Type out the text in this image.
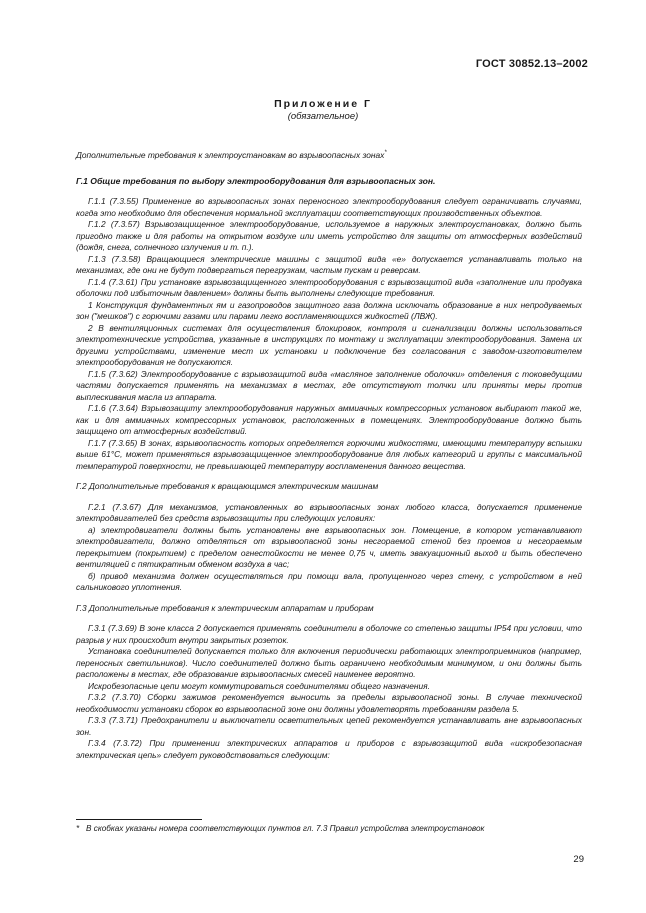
ГОСТ 30852.13–2002
Приложение Г
(обязательное)

Дополнительные требования к электроустановкам во взрывоопасных зонах*

Г.1 Общие требования по выбору электрооборудования для взрывоопасных зон.

Г.1.1 (7.3.55) Применение во взрывоопасных зонах переносного электрооборудования следует ограничивать случаями, когда это необходимо для обеспечения нормальной эксплуатации соответствующих производственных объектов.

Г.1.2 (7.3.57) Взрывозащищенное электрооборудование, используемое в наружных электроустановках, должно быть пригодно также и для работы на открытом воздухе или иметь устройство для защиты от атмосферных воздействий (дождя, снега, солнечного излучения и т. п.).

Г.1.3 (7.3.58) Вращающиеся электрические машины с защитой вида «е» допускается устанавливать только на механизмах, где они не будут подвергаться перегрузкам, частым пускам и реверсам.

Г.1.4 (7.3.61) При установке взрывозащищенного электрооборудования с взрывозащитой вида «заполнение или продувка оболочки под избыточным давлением» должны быть выполнены следующие требования.

1 Конструкция фундаментных ям и газопроводов защитного газа должна исключать образование в них непродуваемых зон ("мешков") с горючими газами или парами легко воспламеняющихся жидкостей (ЛВЖ).

2 В вентиляционных системах для осуществления блокировок, контроля и сигнализации должны использоваться электротехнические устройства, указанные в инструкциях по монтажу и эксплуатации электрооборудования. Замена их другими устройствами, изменение мест их установки и подключение без согласования с заводом-изготовителем электрооборудования не допускаются.

Г.1.5 (7.3.62) Электрооборудование с взрывозащитой вида «масляное заполнение оболочки» отделения с токоведущими частями допускается применять на механизмах в местах, где отсутствуют толчки или приняты меры против выплескивания масла из аппарата.

Г.1.6 (7.3.64) Взрывозащиту электрооборудования наружных аммиачных компрессорных установок выбирают такой же, как и для аммиачных компрессорных установок, расположенных в помещениях. Электрооборудование должно быть защищено от атмосферных воздействий.

Г.1.7 (7.3.65) В зонах, взрывоопасность которых определяется горючими жидкостями, имеющими температуру вспышки выше 61°С, может применяться взрывозащищенное электрооборудование для любых категорий и группы с максимальной температурой поверхности, не превышающей температуру воспламенения данного вещества.

Г.2 Дополнительные требования к вращающимся электрическим машинам

Г.2.1 (7.3.67) Для механизмов, установленных во взрывоопасных зонах любого класса, допускается применение электродвигателей без средств взрывозащиты при следующих условиях:

а) электродвигатели должны быть установлены вне взрывоопасных зон. Помещение, в котором устанавливают электродвигатели, должно отделяться от взрывоопасной зоны несгораемой стеной без проемов и несгораемым перекрытием (покрытием) с пределом огнестойкости не менее 0,75 ч, иметь эвакуационный выход и быть обеспечено вентиляцией с пятикратным обменом воздуха в час;

б) привод механизма должен осуществляться при помощи вала, пропущенного через стену, с устройством в ней сальникового уплотнения.

Г.3 Дополнительные требования к электрическим аппаратам и приборам

Г.3.1 (7.3.69) В зоне класса 2 допускается применять соединители в оболочке со степенью защиты IP54 при условии, что разрыв у них происходит внутри закрытых розеток.

Установка соединителей допускается только для включения периодически работающих электроприемников (например, переносных светильников). Число соединителей должно быть ограничено необходимым минимумом, и они должны быть расположены в местах, где образование взрывоопасных смесей наименее вероятно.

Искробезопасные цепи могут коммутироваться соединителями общего назначения.

Г.3.2 (7.3.70) Сборки зажимов рекомендуется выносить за пределы взрывоопасной зоны. В случае технической необходимости установки сборок во взрывоопасной зоне они должны удовлетворять требованиям раздела 5.

Г.3.3 (7.3.71) Предохранители и выключатели осветительных цепей рекомендуется устанавливать вне взрывоопасных зон.

Г.3.4 (7.3.72) При применении электрических аппаратов и приборов с взрывозащитой вида «искробезопасная электрическая цепь» следует руководствоваться следующим:

* В скобках указаны номера соответствующих пунктов гл. 7.3 Правил устройства электроустановок
29
